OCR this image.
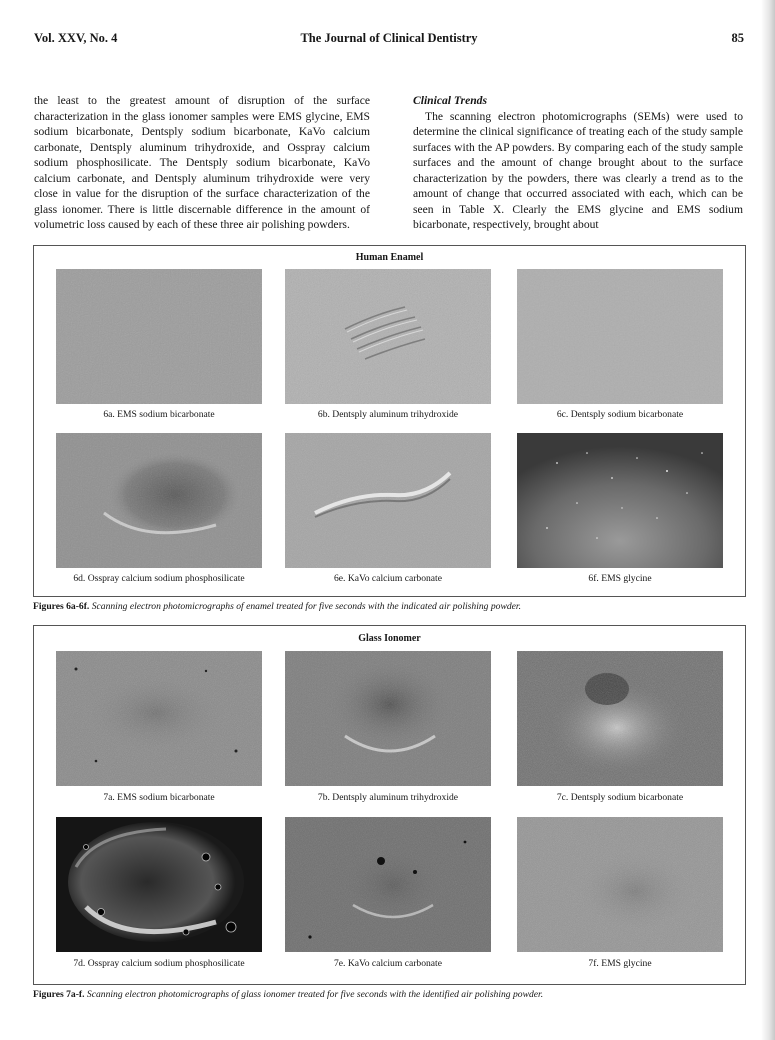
Vol. XXV, No. 4	The Journal of Clinical Dentistry	85

the least to the greatest amount of disruption of the surface characterization in the glass ionomer samples were EMS glycine, EMS sodium bicarbonate, Dentsply sodium bicarbonate, KaVo calcium carbonate, Dentsply aluminum trihydroxide, and Osspray calcium sodium phosphosilicate. The Dentsply sodium bicarbonate, KaVo calcium carbonate, and Dentsply aluminum trihydroxide were very close in value for the disruption of the surface characterization of the glass ionomer. There is little discernable difference in the amount of volumetric loss caused by each of these three air polishing powders.

Clinical Trends

The scanning electron photomicrographs (SEMs) were used to determine the clinical significance of treating each of the study sample surfaces with the AP powders. By comparing each of the study sample surfaces and the amount of change brought about to the surface characterization by the powders, there was clearly a trend as to the amount of change that occurred associated with each, which can be seen in Table X. Clearly the EMS glycine and EMS sodium bicarbonate, respectively, brought about

Human Enamel
6a. EMS sodium bicarbonate	6b. Dentsply aluminum trihydroxide	6c. Dentsply sodium bicarbonate
6d. Osspray calcium sodium phosphosilicate	6e. KaVo calcium carbonate	6f. EMS glycine
Figures 6a-6f. Scanning electron photomicrographs of enamel treated for five seconds with the indicated air polishing powder.
Glass Ionomer
7a. EMS sodium bicarbonate	7b. Dentsply aluminum trihydroxide	7c. Dentsply sodium bicarbonate
7d. Osspray calcium sodium phosphosilicate	7e. KaVo calcium carbonate	7f. EMS glycine
Figures 7a-f. Scanning electron photomicrographs of glass ionomer treated for five seconds with the identified air polishing powder.
